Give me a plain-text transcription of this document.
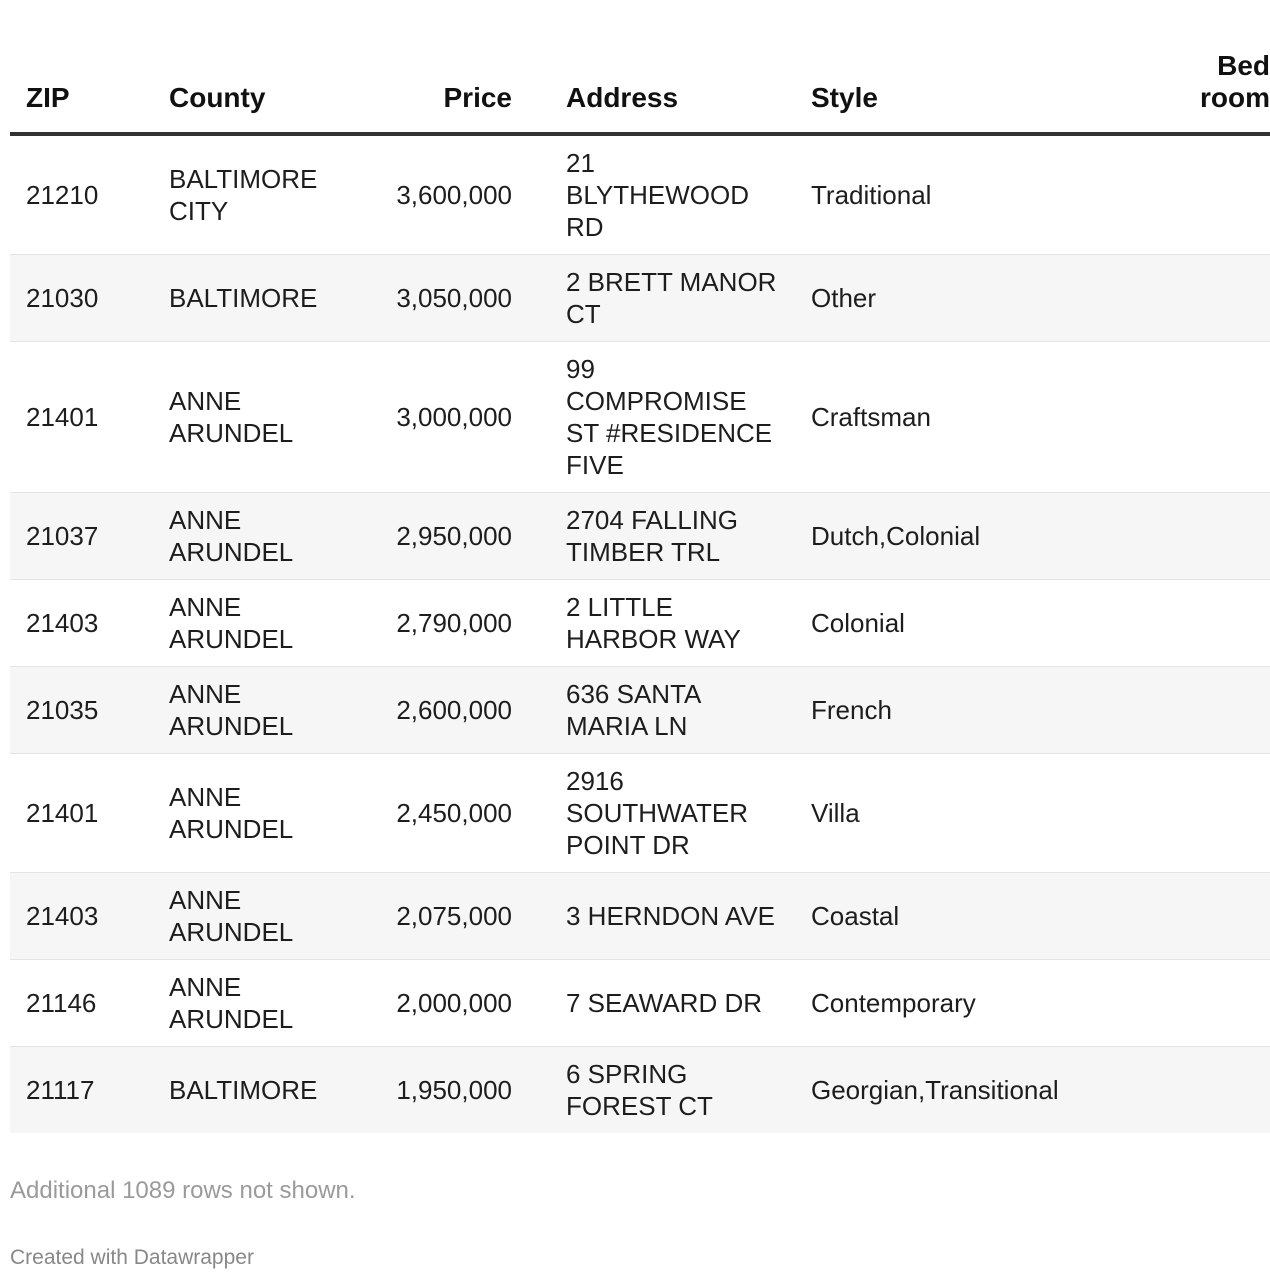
ZIP	County	Price	Address	Style	Bed
room
21210	BALTIMORE CITY	3,600,000	21 BLYTHEWOOD RD	Traditional	
21030	BALTIMORE	3,050,000	2 BRETT MANOR CT	Other	
21401	ANNE ARUNDEL	3,000,000	99 COMPROMISE ST #RESIDENCE FIVE	Craftsman	
21037	ANNE ARUNDEL	2,950,000	2704 FALLING TIMBER TRL	Dutch,Colonial	
21403	ANNE ARUNDEL	2,790,000	2 LITTLE HARBOR WAY	Colonial	
21035	ANNE ARUNDEL	2,600,000	636 SANTA MARIA LN	French	
21401	ANNE ARUNDEL	2,450,000	2916 SOUTHWATER POINT DR	Villa	
21403	ANNE ARUNDEL	2,075,000	3 HERNDON AVE	Coastal	
21146	ANNE ARUNDEL	2,000,000	7 SEAWARD DR	Contemporary	
21117	BALTIMORE	1,950,000	6 SPRING FOREST CT	Georgian,Transitional	
Additional 1089 rows not shown.
Created with Datawrapper
